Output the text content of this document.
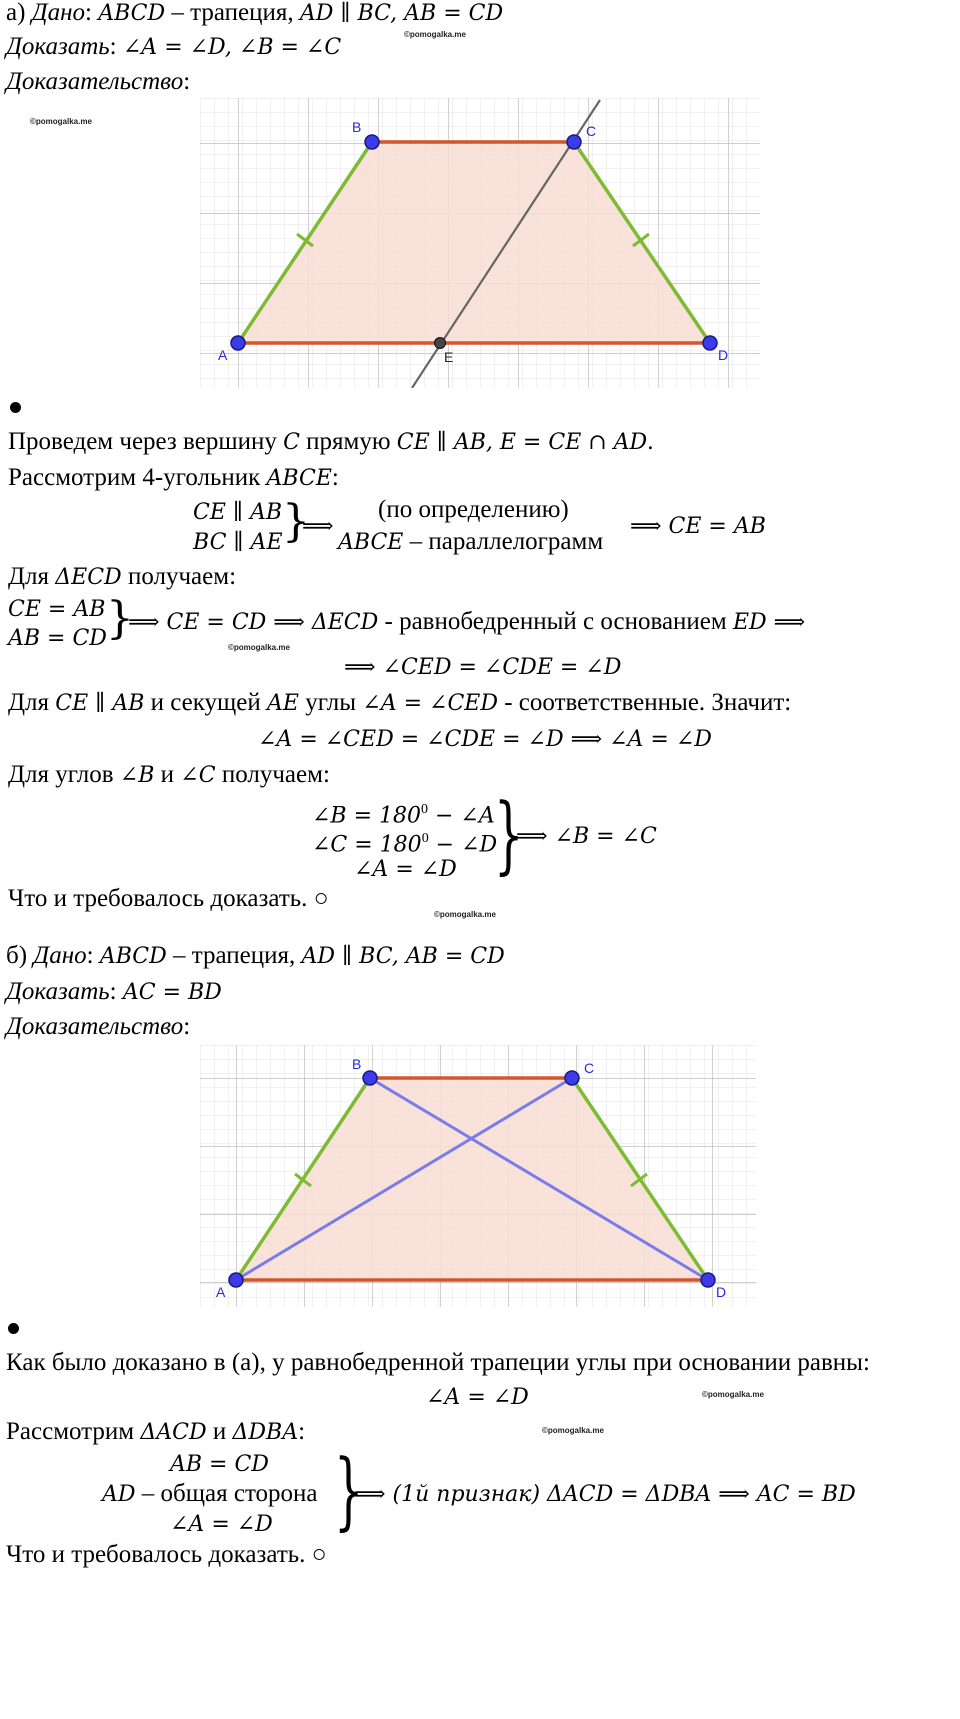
а) Дано: ABCD – трапеция, AD ∥ BC, AB = CD
©pomogalka.me
Доказать: ∠A = ∠D, ∠B = ∠C
Доказательство:
©pomogalka.me
A
B	C
D
E
Проведем через вершину C прямую CE ∥ AB, E = CE ∩ AD.
Рассмотрим 4-угольник ABCE:
CE ∥ AB
BC ∥ AE }
⟹
(по определению)
ABCE – параллелограмм
⟹ CE = AB
Для ΔECD получаем:
CE = AB
AB = CD }
⟹ CE = CD ⟹ ΔECD - равнобедренный с основанием ED ⟹
©pomogalka.me
⟹ ∠CED = ∠CDE = ∠D
Для CE ∥ AB и секущей AE углы ∠A = ∠CED - соответственные. Значит:
∠A = ∠CED = ∠CDE = ∠D ⟹ ∠A = ∠D
Для углов ∠B и ∠C получаем:
∠B = $180^0$ − ∠A
∠C = $180^0$ − ∠D
∠A = ∠D }
⟹ ∠B = ∠C
Что и требовалось доказать. ○
©pomogalka.me
б) Дано: ABCD – трапеция, AD ∥ BC, AB = CD
Доказать: AC = BD
Доказательство:
A
B	C
D
Как было доказано в (а), у равнобедренной трапеции углы при основании равны:
∠A = ∠D	©pomogalka.me
Рассмотрим ΔACD и ΔDBA:	©pomogalka.me
AB = CD
AD – общая сторона
∠A = ∠D }
⟹ (1й признак) ΔACD = ΔDBA ⟹ AC = BD
Что и требовалось доказать. ○
